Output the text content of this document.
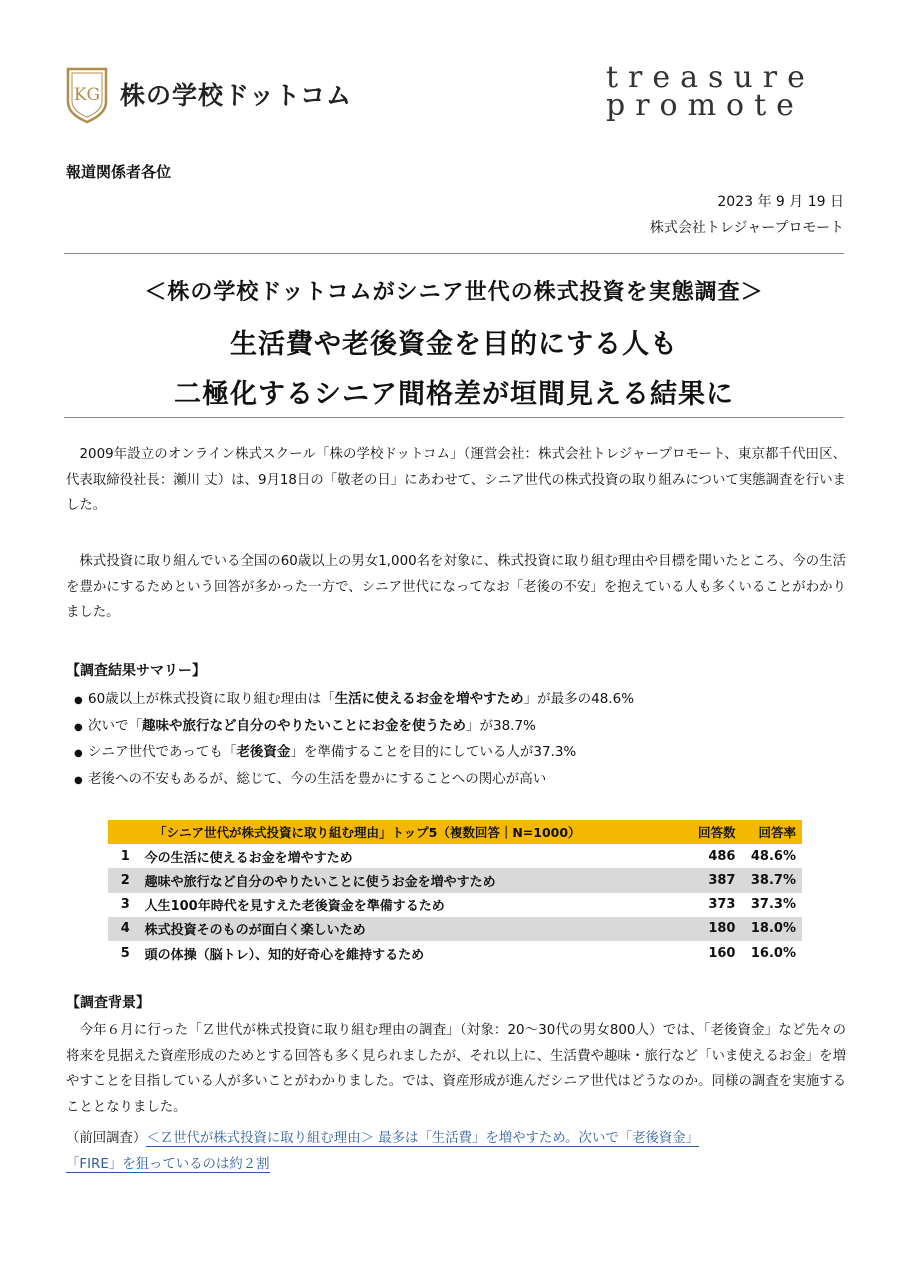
KG 株の学校ドットコム
treasure
promote
報道関係者各位
2023 年 9 月 19 日
株式会社トレジャープロモート
＜株の学校ドットコムがシニア世代の株式投資を実態調査＞
生活費や老後資金を目的にする人も
二極化するシニア間格差が垣間見える結果に

　2009年設立のオンライン株式スクール「株の学校ドットコム」（運営会社：株式会社トレジャープロモート、東京都千代田区、代表取締役社長：瀬川 丈）は、9月18日の「敬老の日」にあわせて、シニア世代の株式投資の取り組みについて実態調査を行いました。

　株式投資に取り組んでいる全国の60歳以上の男女1,000名を対象に、株式投資に取り組む理由や目標を聞いたところ、今の生活を豊かにするためという回答が多かった一方で、シニア世代になってなお「老後の不安」を抱えている人も多くいることがわかりました。

【調査結果サマリー】
● 60歳以上が株式投資に取り組む理由は「生活に使えるお金を増やすため」が最多の48.6%
● 次いで「趣味や旅行など自分のやりたいことにお金を使うため」が38.7%
● シニア世代であっても「老後資金」を準備することを目的にしている人が37.3%
● 老後への不安もあるが、総じて、今の生活を豊かにすることへの関心が高い
「シニア世代が株式投資に取り組む理由」トップ5（複数回答｜N=1000）		回答数	回答率
1	今の生活に使えるお金を増やすため	486	48.6%
2	趣味や旅行など自分のやりたいことに使うお金を増やすため	387	38.7%
3	人生100年時代を見すえた老後資金を準備するため	373	37.3%
4	株式投資そのものが面白く楽しいため	180	18.0%
5	頭の体操（脳トレ）、知的好奇心を維持するため	160	16.0%
【調査背景】

　今年６月に行った「Ｚ世代が株式投資に取り組む理由の調査」（対象：20〜30代の男女800人）では、「老後資金」など先々の将来を見据えた資産形成のためとする回答も多く見られましたが、それ以上に、生活費や趣味・旅行など「いま使えるお金」を増やすことを目指している人が多いことがわかりました。では、資産形成が進んだシニア世代はどうなのか。同様の調査を実施することとなりました。

（前回調査）＜Ｚ世代が株式投資に取り組む理由＞ 最多は「生活費」を増やすため。次いで「老後資金」
「FIRE」を狙っているのは約２割
